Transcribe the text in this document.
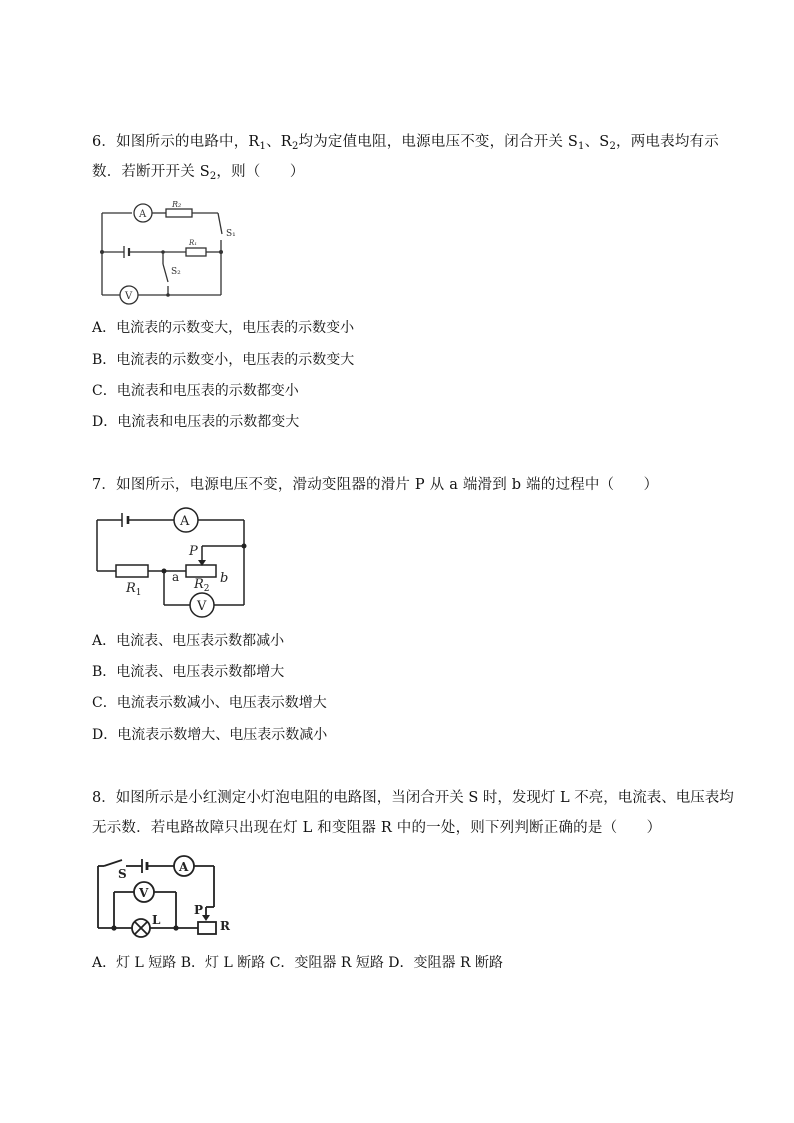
6．如图所示的电路中，$R_1$、$R_2$均为定值电阻，电源电压不变，闭合开关 $S_1$、$S_2$，两电表均有示
数．若断开开关 $S_2$，则（　　）
A
R₂
R₁
S₁
S₂
V
A．电流表的示数变大，电压表的示数变小
B．电流表的示数变小，电压表的示数变大
C．电流表和电压表的示数都变小
D．电流表和电压表的示数都变大
7．如图所示，电源电压不变，滑动变阻器的滑片 P 从 a 端滑到 b 端的过程中（　　）
A
P
$R_1$
a $R_2$
b
V
A．电流表、电压表示数都减小
B．电流表、电压表示数都增大
C．电流表示数减小、电压表示数增大
D．电流表示数增大、电压表示数减小
8．如图所示是小红测定小灯泡电阻的电路图，当闭合开关 S 时，发现灯 L 不亮，电流表、电压表均
无示数．若电路故障只出现在灯 L 和变阻器 R 中的一处，则下列判断正确的是（　　）
S	A
V
L
P
R
A．灯 L 短路 B．灯 L 断路 C．变阻器 R 短路 D．变阻器 R 断路
